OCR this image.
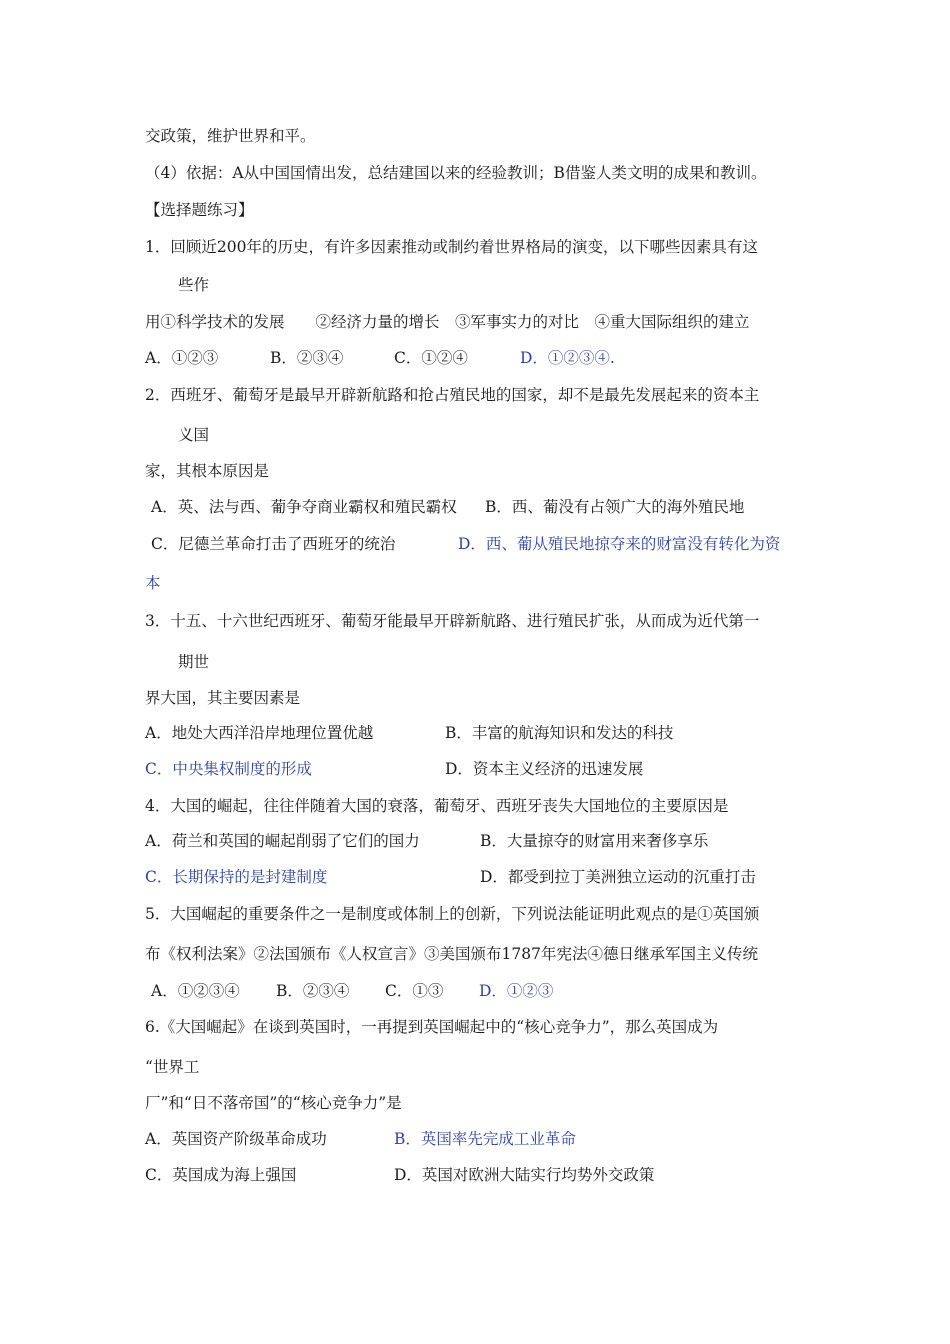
交政策，维护世界和平。
（4）依据：A从中国国情出发，总结建国以来的经验教训；B借鉴人类文明的成果和教训。
【选择题练习】
1．回顾近200年的历史，有许多因素推动或制约着世界格局的演变，以下哪些因素具有这
些作
用①科学技术的发展　　②经济力量的增长　③军事实力的对比　④重大国际组织的建立
A．①②③	B．②③④	C．①②④	D．①②③④.
2．西班牙、葡萄牙是最早开辟新航路和抢占殖民地的国家，却不是最先发展起来的资本主
义国
家，其根本原因是
A．英、法与西、葡争夺商业霸权和殖民霸权 B．西、葡没有占领广大的海外殖民地
C．尼德兰革命打击了西班牙的统治	D．西、葡从殖民地掠夺来的财富没有转化为资
本
3．十五、十六世纪西班牙、葡萄牙能最早开辟新航路、进行殖民扩张，从而成为近代第一
期世
界大国，其主要因素是
A．地处大西洋沿岸地理位置优越	B．丰富的航海知识和发达的科技
C．中央集权制度的形成	D．资本主义经济的迅速发展
4．大国的崛起，往往伴随着大国的衰落，葡萄牙、西班牙丧失大国地位的主要原因是
A．荷兰和英国的崛起削弱了它们的国力	B．大量掠夺的财富用来奢侈享乐
C．长期保持的是封建制度	D．都受到拉丁美洲独立运动的沉重打击
5．大国崛起的重要条件之一是制度或体制上的创新，下列说法能证明此观点的是①英国颁
布《权利法案》②法国颁布《人权宣言》③美国颁布1787年宪法④德日继承军国主义传统
A．①②③④ B．②③④ C．①③ D．①②③
6.《大国崛起》在谈到英国时，一再提到英国崛起中的“核心竞争力”，那么英国成为
“世界工
厂”和“日不落帝国”的“核心竞争力”是
A．英国资产阶级革命成功	B．英国率先完成工业革命
C．英国成为海上强国	D．英国对欧洲大陆实行均势外交政策
